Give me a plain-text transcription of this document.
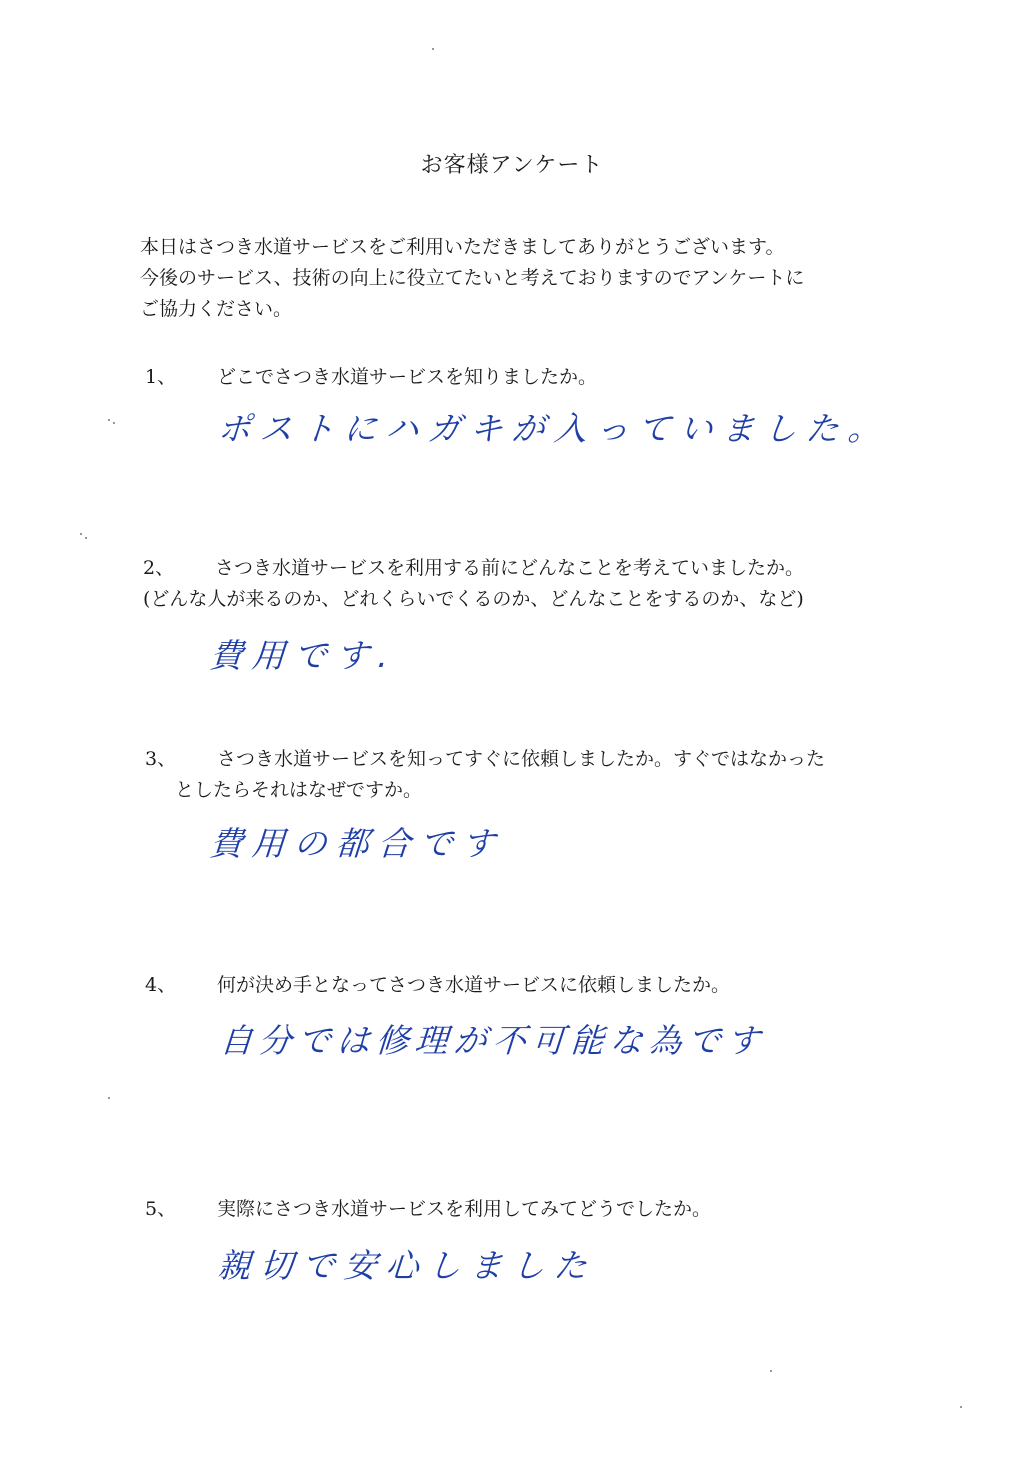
お客様アンケート
本日はさつき水道サービスをご利用いただきましてありがとうございます。
今後のサービス、技術の向上に役立てたいと考えておりますのでアンケートに
ご協力ください。
1、 どこでさつき水道サービスを知りましたか。
ポストにハガキが入っていました。
2、 さつき水道サービスを利用する前にどんなことを考えていましたか。
(どんな人が来るのか、どれくらいでくるのか、どんなことをするのか、など)
費用です.
3、 さつき水道サービスを知ってすぐに依頼しましたか。すぐではなかった
としたらそれはなぜですか。
費用の都合です
4、 何が決め手となってさつき水道サービスに依頼しましたか。
自分では修理が不可能な為です
5、 実際にさつき水道サービスを利用してみてどうでしたか。
親切で安心しました
